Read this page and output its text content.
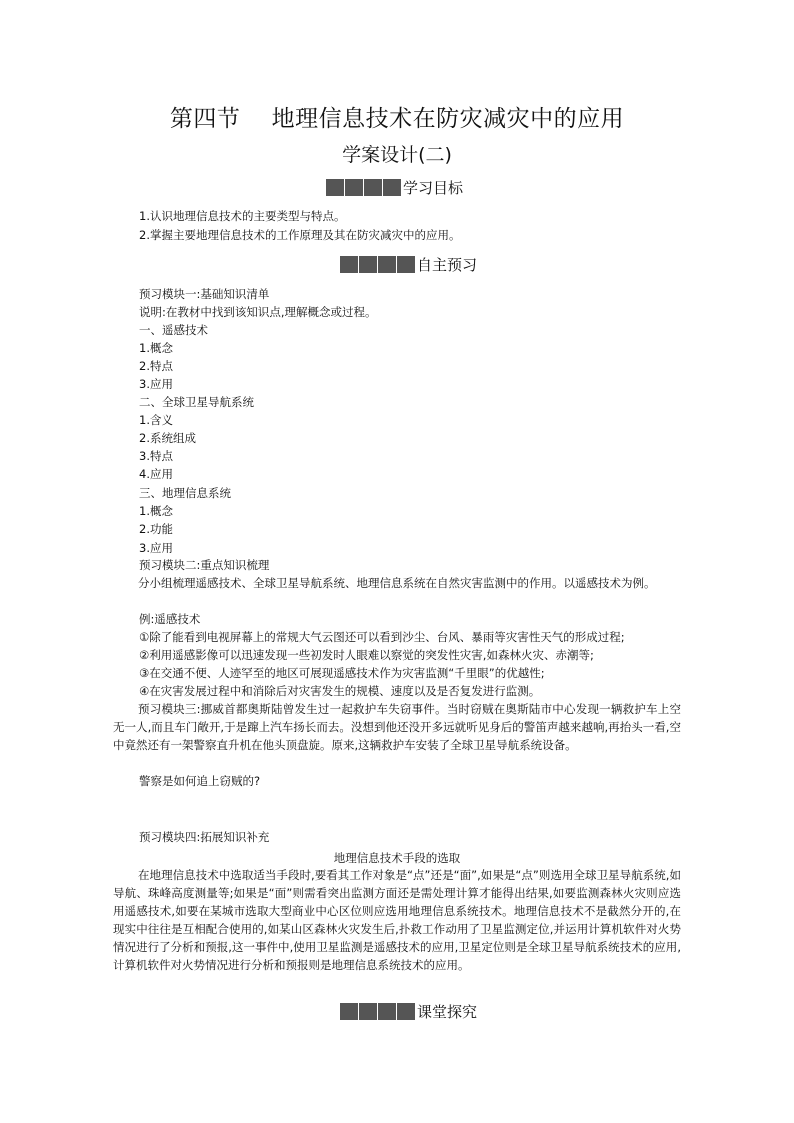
第四节    地理信息技术在防灾减灾中的应用
学案设计(二)
学习目标
1.认识地理信息技术的主要类型与特点。
2.掌握主要地理信息技术的工作原理及其在防灾减灾中的应用。
自主预习
预习模块一:基础知识清单
说明:在教材中找到该知识点,理解概念或过程。
一、遥感技术
1.概念
2.特点
3.应用
二、全球卫星导航系统
1.含义
2.系统组成
3.特点
4.应用
三、地理信息系统
1.概念
2.功能
3.应用
预习模块二:重点知识梳理
分小组梳理遥感技术、全球卫星导航系统、地理信息系统在自然灾害监测中的作用。以遥感技术为例。
例:遥感技术
①除了能看到电视屏幕上的常规大气云图还可以看到沙尘、台风、暴雨等灾害性天气的形成过程;
②利用遥感影像可以迅速发现一些初发时人眼难以察觉的突发性灾害,如森林火灾、赤潮等;
③在交通不便、人迹罕至的地区可展现遥感技术作为灾害监测“千里眼”的优越性;
④在灾害发展过程中和消除后对灾害发生的规模、速度以及是否复发进行监测。
预习模块三:挪威首都奥斯陆曾发生过一起救护车失窃事件。当时窃贼在奥斯陆市中心发现一辆救护车上空无一人,而且车门敞开,于是蹿上汽车扬长而去。没想到他还没开多远就听见身后的警笛声越来越响,再抬头一看,空中竟然还有一架警察直升机在他头顶盘旋。原来,这辆救护车安装了全球卫星导航系统设备。
警察是如何追上窃贼的?
预习模块四:拓展知识补充
地理信息技术手段的选取
在地理信息技术中选取适当手段时,要看其工作对象是“点”还是“面”,如果是“点”则选用全球卫星导航系统,如导航、珠峰高度测量等;如果是“面”则需看突出监测方面还是需处理计算才能得出结果,如要监测森林火灾则应选用遥感技术,如要在某城市选取大型商业中心区位则应选用地理信息系统技术。地理信息技术不是截然分开的,在现实中往往是互相配合使用的,如某山区森林火灾发生后,扑救工作动用了卫星监测定位,并运用计算机软件对火势情况进行了分析和预报,这一事件中,使用卫星监测是遥感技术的应用,卫星定位则是全球卫星导航系统技术的应用,计算机软件对火势情况进行分析和预报则是地理信息系统技术的应用。
课堂探究
